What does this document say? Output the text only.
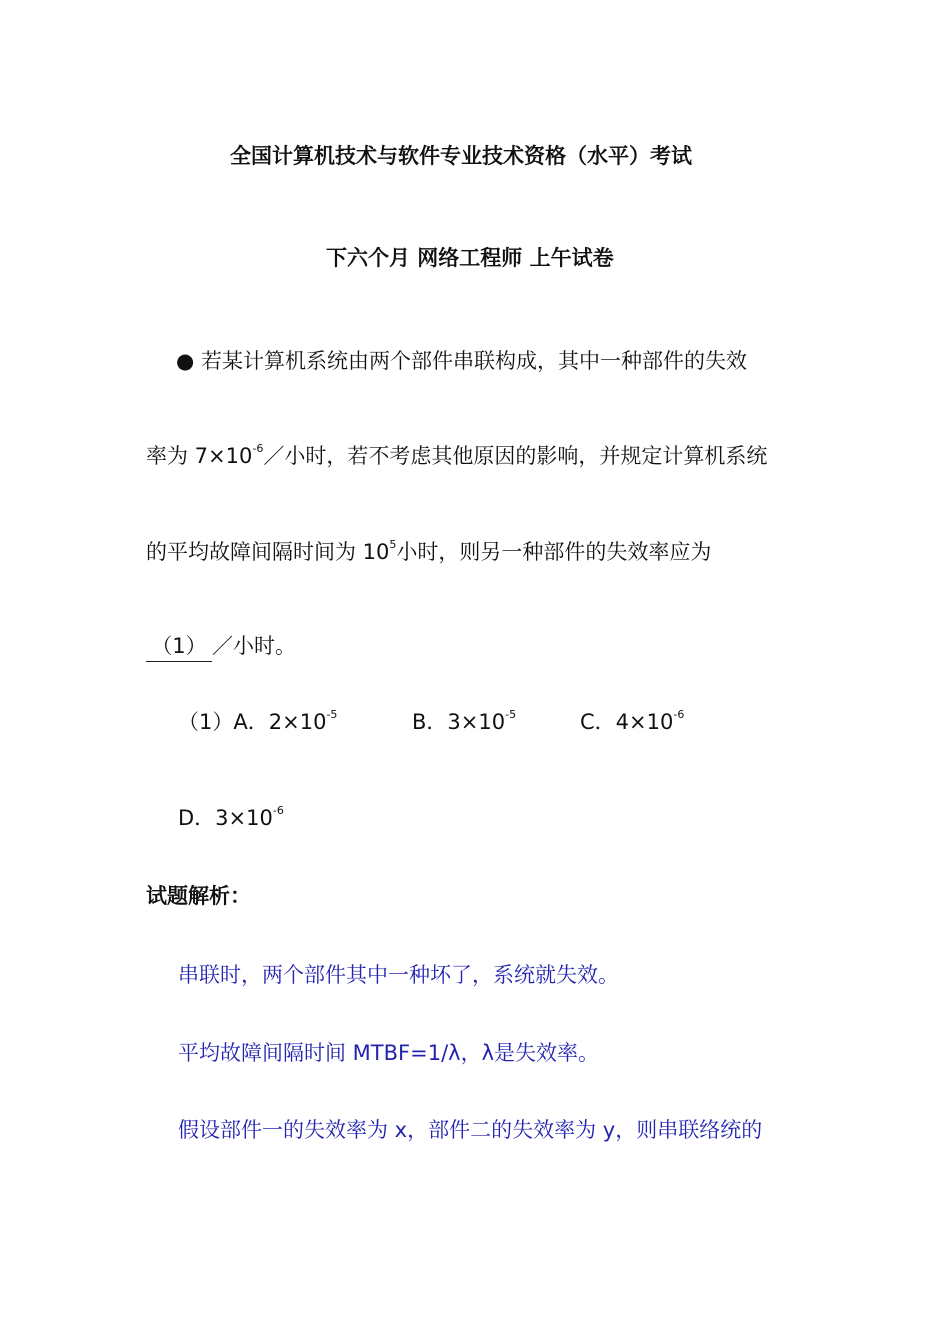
全国计算机技术与软件专业技术资格（水平）考试
下六个月 网络工程师 上午试卷
● 若某计算机系统由两个部件串联构成，其中一种部件的失效
率为 $7\times 10^{-6}/$小时，若不考虑其他原因的影响，并规定计算机系统
的平均故障间隔时间为 $10^5$小时，则另一种部件的失效率应为
（1） ／小时。
（1）A．$2\times 10^{-5}$	B．$3\times 10^{-5}$	C．$4\times 10^{-6}$
D．$3\times 10^{-6}$
试题解析：
串联时，两个部件其中一种坏了，系统就失效。
平均故障间隔时间 MTBF=1/λ，λ是失效率。
假设部件一的失效率为 x，部件二的失效率为 y，则串联络统的
